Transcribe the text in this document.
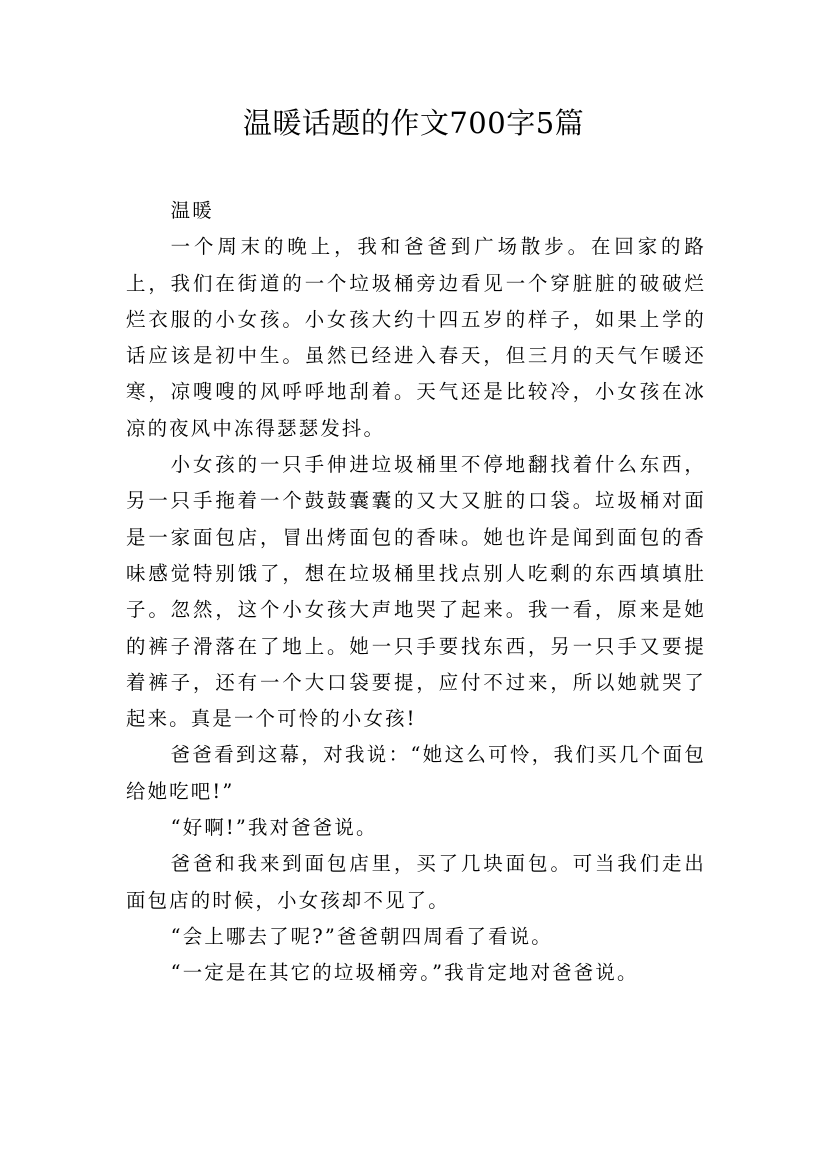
温暖话题的作文700字5篇

温暖

一个周末的晚上，我和爸爸到广场散步。在回家的路上，我们在街道的一个垃圾桶旁边看见一个穿脏脏的破破烂烂衣服的小女孩。小女孩大约十四五岁的样子，如果上学的话应该是初中生。虽然已经进入春天，但三月的天气乍暖还寒，凉嗖嗖的风呼呼地刮着。天气还是比较冷，小女孩在冰凉的夜风中冻得瑟瑟发抖。

小女孩的一只手伸进垃圾桶里不停地翻找着什么东西，另一只手拖着一个鼓鼓囊囊的又大又脏的口袋。垃圾桶对面是一家面包店，冒出烤面包的香味。她也许是闻到面包的香味感觉特别饿了，想在垃圾桶里找点别人吃剩的东西填填肚子。忽然，这个小女孩大声地哭了起来。我一看，原来是她的裤子滑落在了地上。她一只手要找东西，另一只手又要提着裤子，还有一个大口袋要提，应付不过来，所以她就哭了起来。真是一个可怜的小女孩!

爸爸看到这幕，对我说：“她这么可怜，我们买几个面包给她吃吧!”

“好啊!”我对爸爸说。

爸爸和我来到面包店里，买了几块面包。可当我们走出面包店的时候，小女孩却不见了。

“会上哪去了呢?”爸爸朝四周看了看说。

“一定是在其它的垃圾桶旁。”我肯定地对爸爸说。
